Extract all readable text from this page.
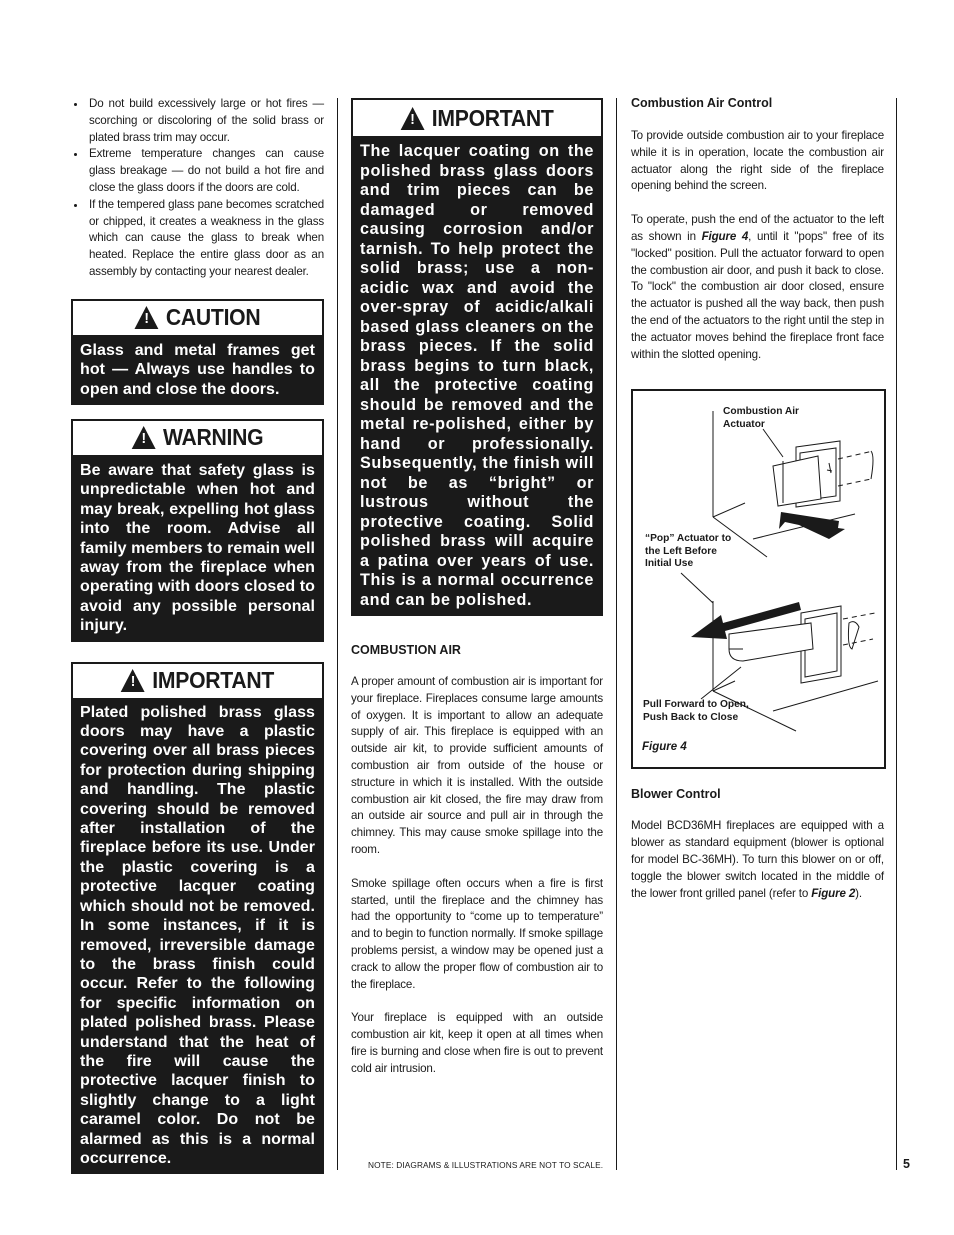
• Do not build excessively large or hot fires — scorching or discoloring of the solid brass or plated brass trim may occur.
• Extreme temperature changes can cause glass breakage — do not build a hot fire and close the glass doors if the doors are cold.
• If the tempered glass pane becomes scratched or chipped, it creates a weakness in the glass which can cause the glass to break when heated. Replace the entire glass door as an assembly by contacting your nearest dealer.
! CAUTION
Glass and metal frames get hot — Always use handles to open and close the doors.
! WARNING
Be aware that safety glass is unpredictable when hot and may break, expelling hot glass into the room. Advise all family members to remain well away from the fireplace when operating with doors closed to avoid any possible personal injury.
! IMPORTANT
Plated polished brass glass doors may have a plastic covering over all brass pieces for protection during shipping and handling. The plastic covering should be removed after installation of the fireplace before its use. Under the plastic covering is a protective lacquer coating which should not be removed. In some instances, if it is removed, irreversible damage to the brass finish could occur. Refer to the following for specific information on plated polished brass. Please understand that the heat of the fire will cause the protective lacquer finish to slightly change to a light caramel color. Do not be alarmed as this is a normal occurrence.
! IMPORTANT
The lacquer coating on the polished brass glass doors and trim pieces can be damaged or removed causing corrosion and/or tarnish. To help protect the solid brass; use a non-acidic wax and avoid the over-spray of acidic/alkali based glass cleaners on the brass pieces. If the solid brass begins to turn black, all the protective coating should be removed and the metal re-polished, either by hand or professionally. Subsequently, the finish will not be as “bright” or lustrous without the protective coating. Solid polished brass will acquire a patina over years of use. This is a normal occurrence and can be polished.
COMBUSTION AIR

A proper amount of combustion air is important for your fireplace. Fireplaces consume large amounts of oxygen. It is important to allow an adequate supply of air. This fireplace is equipped with an outside air kit, to provide sufficient amounts of combustion air from outside of the house or structure in which it is installed. With the outside combustion air kit closed, the fire may draw from an outside air source and pull air in through the chimney. This may cause smoke spillage into the room.

Smoke spillage often occurs when a fire is first started, until the fireplace and the chimney has had the opportunity to “come up to temperature” and to begin to function normally. If smoke spillage problems persist, a window may be opened just a crack to allow the proper flow of combustion air to the fireplace.

Your fireplace is equipped with an outside combustion air kit, keep it open at all times when fire is burning and close when fire is out to prevent cold air intrusion.

Combustion Air Control

To provide outside combustion air to your fireplace while it is in operation, locate the combustion air actuator along the right side of the fireplace opening behind the screen.

To operate, push the end of the actuator to the left as shown in Figure 4, until it "pops" free of its "locked" position. Pull the actuator forward to open the combustion air door, and push it back to close. To "lock" the combustion air door closed, ensure the actuator is pushed all the way back, then push the end of the actuators to the right until the step in the actuator moves behind the fireplace front face within the slotted opening.

Combustion Air
Actuator
“Pop” Actuator to
the Left Before
Initial Use
Pull Forward to Open,
Push Back to Close
Figure 4
Blower Control

Model BCD36MH fireplaces are equipped with a blower as standard equipment (blower is optional for model BC-36MH). To turn this blower on or off, toggle the blower switch located in the middle of the lower front grilled panel (refer to Figure 2).

NOTE: DIAGRAMS & ILLUSTRATIONS ARE NOT TO SCALE.	5
